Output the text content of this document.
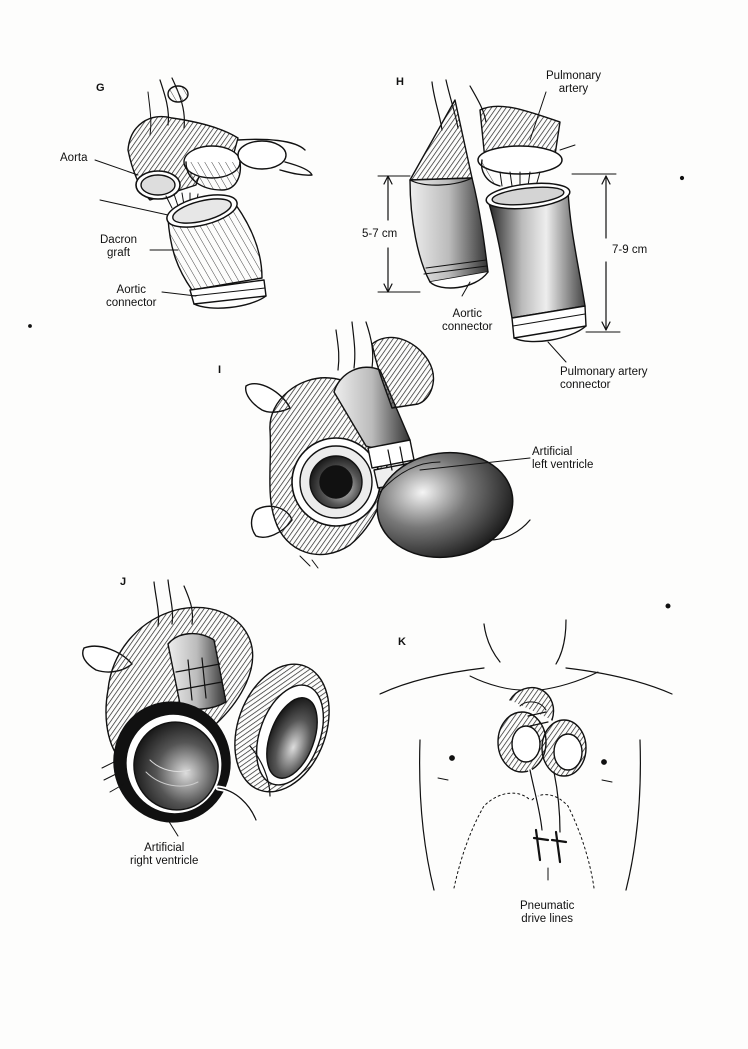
G	H
I
J
K
Aorta
Dacron
graft
Aortic
connector
Pulmonary
artery
5-7 cm
7-9 cm
Aortic
connector
Pulmonary artery
connector
Artificial
left ventricle
Artificial
right ventricle
Pneumatic
drive lines
